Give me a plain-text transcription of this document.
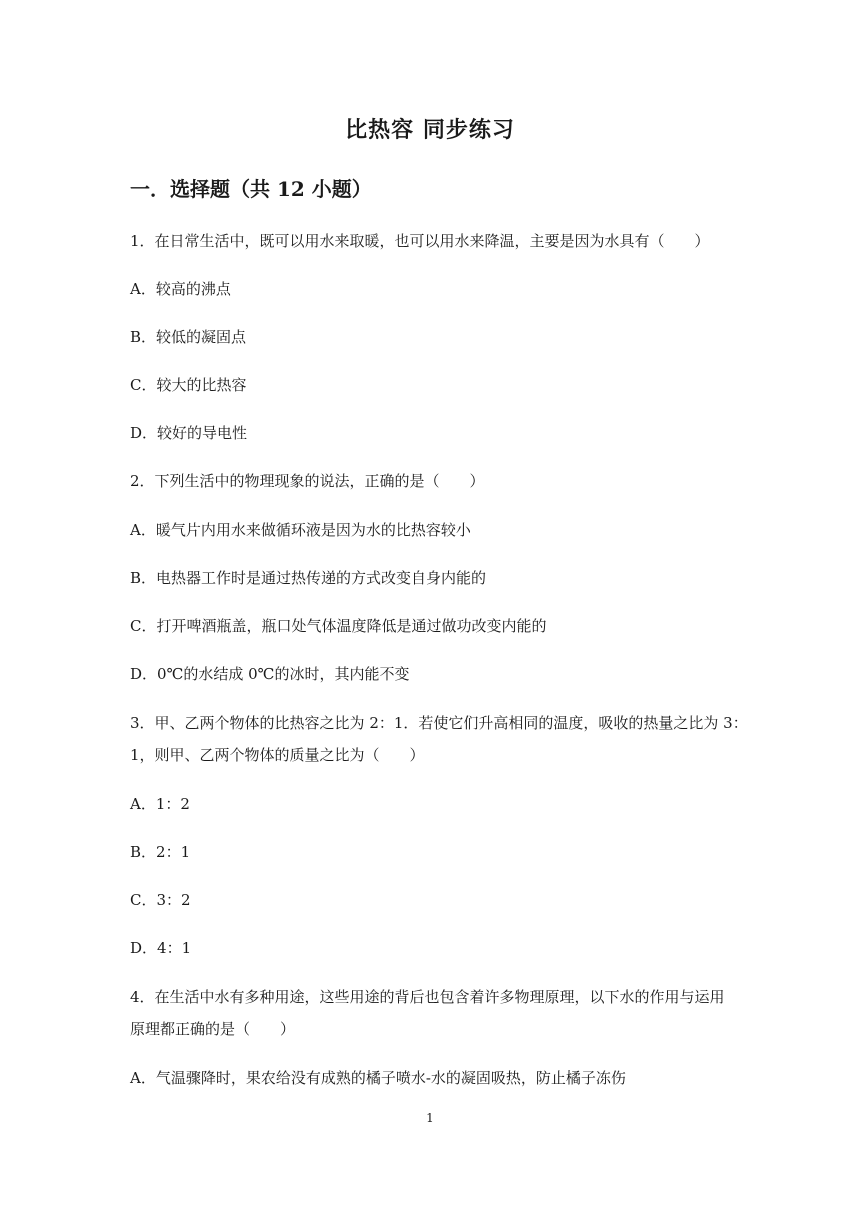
比热容 同步练习
一．选择题（共 12 小题）
1．在日常生活中，既可以用水来取暖，也可以用水来降温，主要是因为水具有（　　）
A．较高的沸点
B．较低的凝固点
C．较大的比热容
D．较好的导电性
2．下列生活中的物理现象的说法，正确的是（　　）
A．暖气片内用水来做循环液是因为水的比热容较小
B．电热器工作时是通过热传递的方式改变自身内能的
C．打开啤酒瓶盖，瓶口处气体温度降低是通过做功改变内能的
D．0℃的水结成 0℃的冰时，其内能不变
3．甲、乙两个物体的比热容之比为 2：1．若使它们升高相同的温度，吸收的热量之比为 3：
1，则甲、乙两个物体的质量之比为（　　）
A．1：2
B．2：1
C．3：2
D．4：1
4．在生活中水有多种用途，这些用途的背后也包含着许多物理原理，以下水的作用与运用
原理都正确的是（　　）
A．气温骤降时，果农给没有成熟的橘子喷水-水的凝固吸热，防止橘子冻伤
1
